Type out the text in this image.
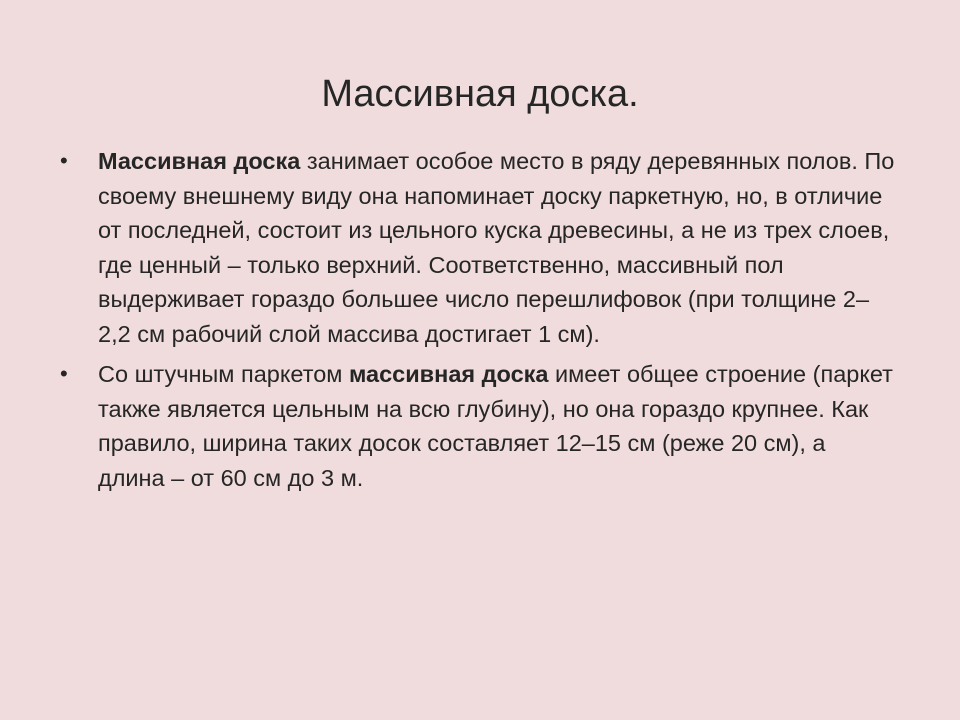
Массивная доска.
• Массивная доска занимает особое место в ряду деревянных полов. По своему внешнему виду она напоминает доску паркетную, но, в отличие от последней, состоит из цельного куска древесины, а не из трех слоев, где ценный – только верхний. Соответственно, массивный пол выдерживает гораздо большее число перешлифовок (при толщине 2–2,2 см рабочий слой массива достигает 1 см).
• Со штучным паркетом массивная доска имеет общее строение (паркет также является цельным на всю глубину), но она гораздо крупнее. Как правило, ширина таких досок составляет 12–15 см (реже 20 см), а длина – от 60 см до 3 м.
